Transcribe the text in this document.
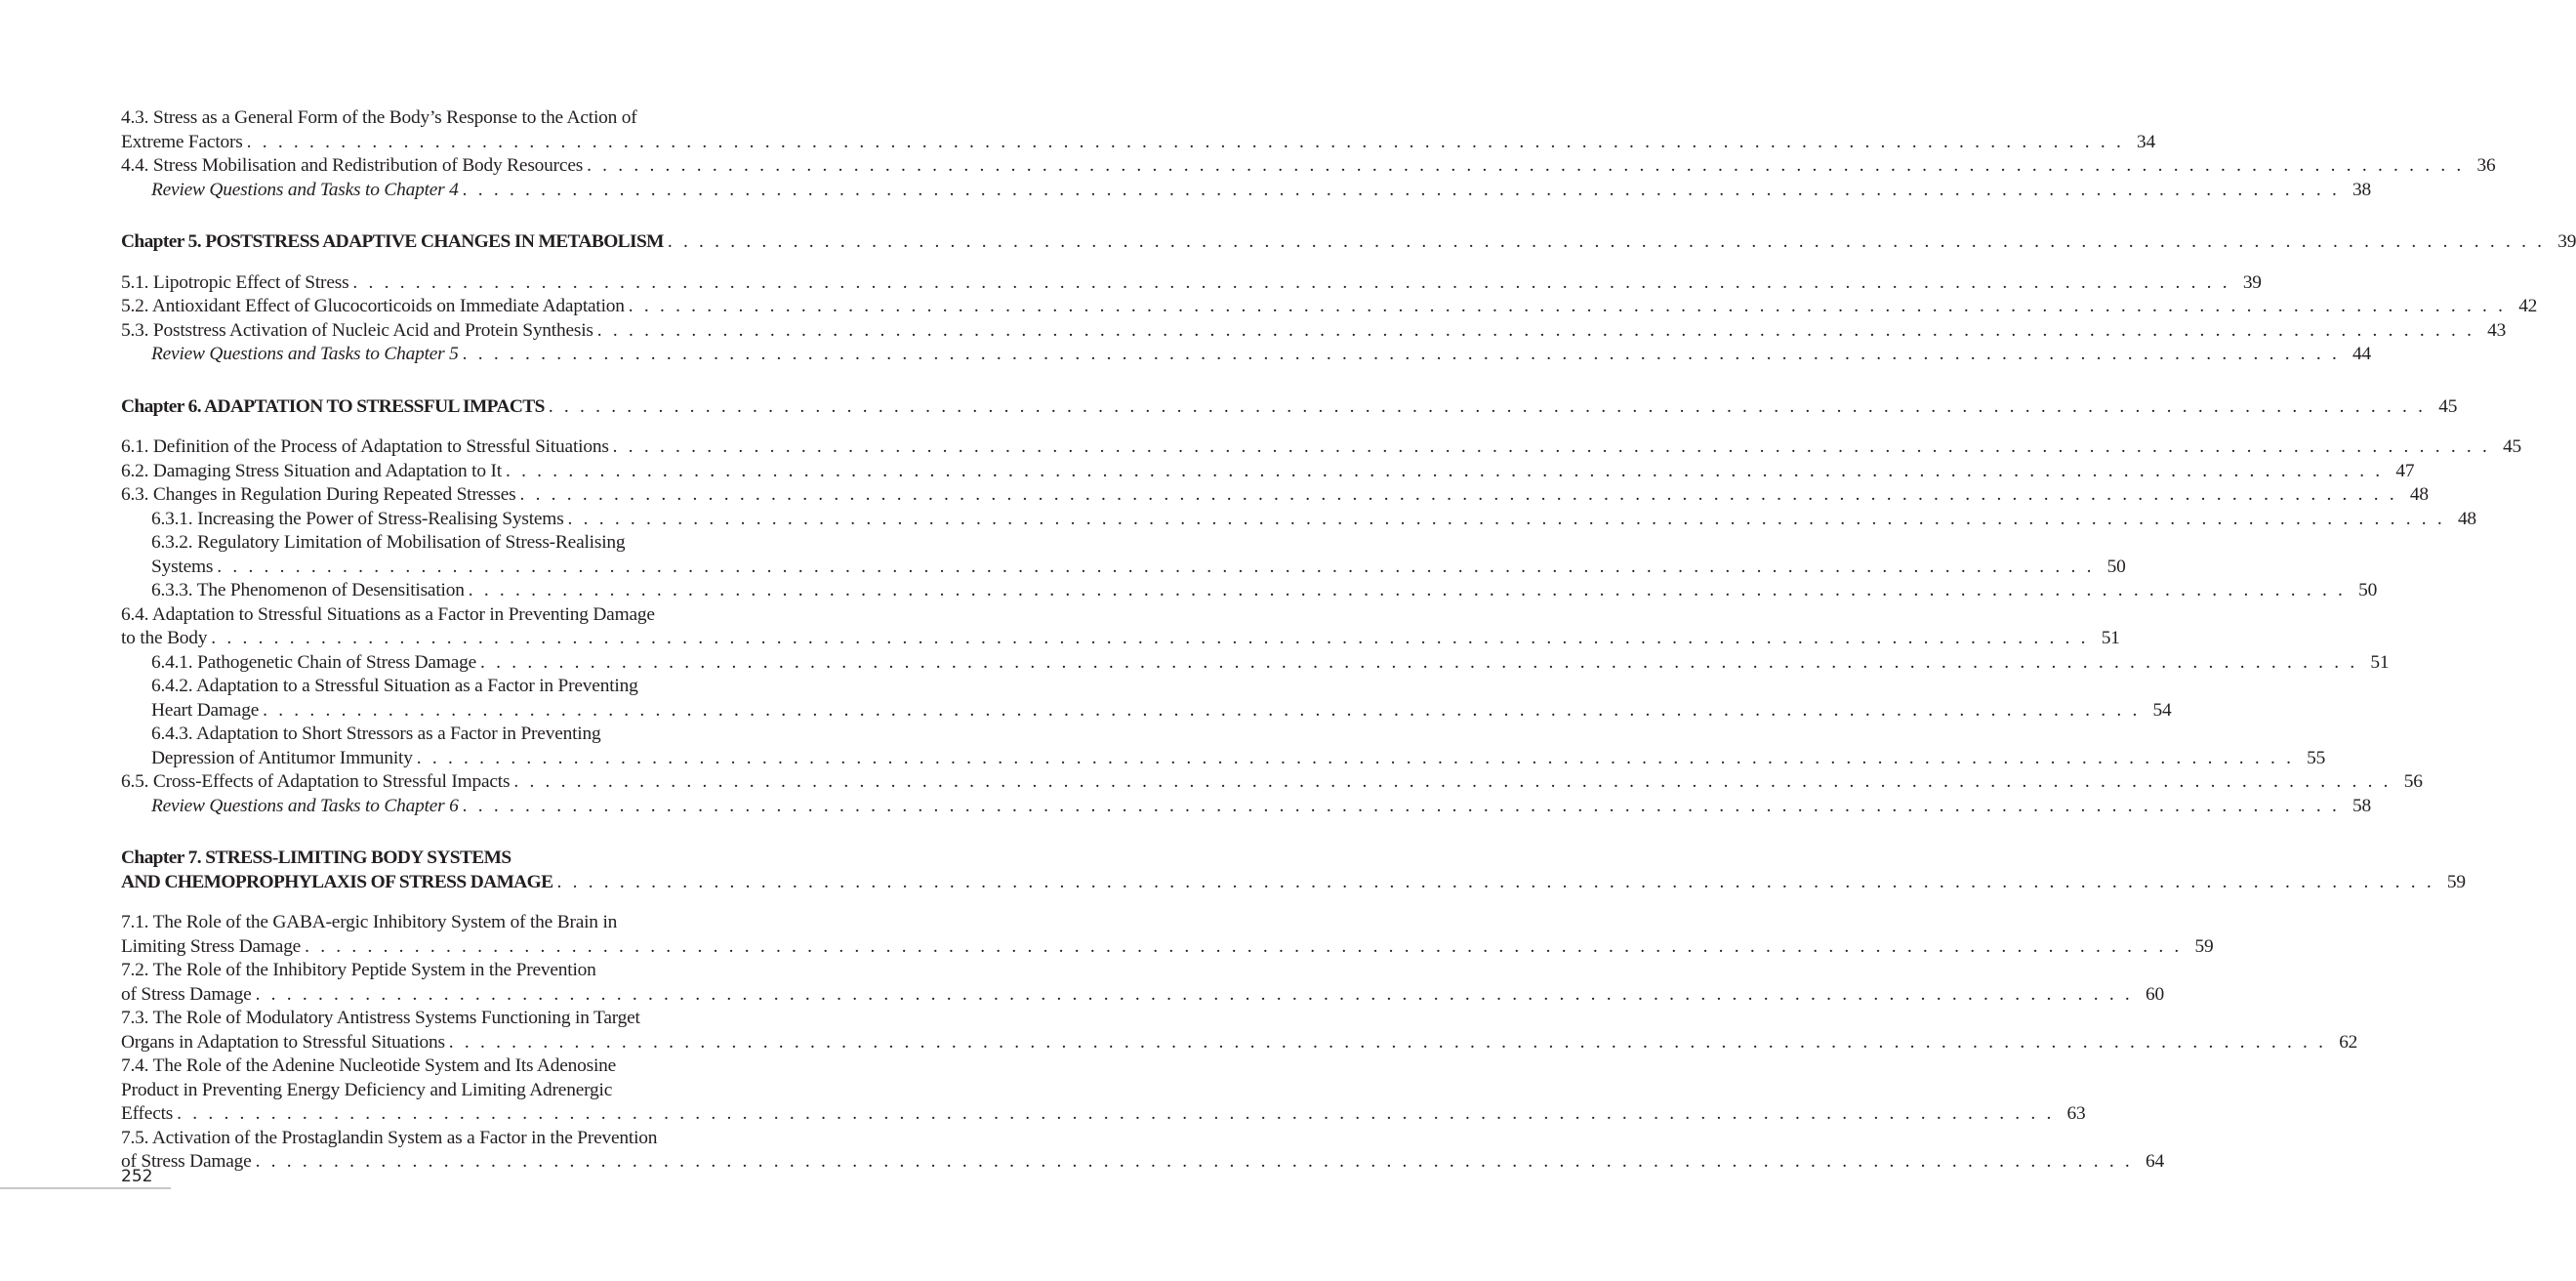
4.3. Stress as a General Form of the Body’s Response to the Action of
Extreme Factors . . . . . . . . . . . . . . . . . . . . . . . . . . . . . . . . . . . . . . . . . . . . . . . . . . . . . . . . . . . . . . . . . . . . . . . . . . . . . . . . . . . . . . . . . . . . . . . . . . . . . . . . . . . . . . . . . . . . . . . . 34
4.4. Stress Mobilisation and Redistribution of Body Resources . . . . . . . . . . . . . . . . . . . . . . . . . . . . . . . . . . . . . . . . . . . . . . . . . . . . . . . . . . . . . . . . . . . . . . . . . . . . . . . . . . . . . . . . . . . . . . . . . . . . . . . . . . . . . . . . . . . . . . . . 36
Review Questions and Tasks to Chapter 4 . . . . . . . . . . . . . . . . . . . . . . . . . . . . . . . . . . . . . . . . . . . . . . . . . . . . . . . . . . . . . . . . . . . . . . . . . . . . . . . . . . . . . . . . . . . . . . . . . . . . . . . . . . . . . . . . . . . . . . . . 38
Chapter 5. POSTSTRESS ADAPTIVE CHANGES IN METABOLISM . . . . . . . . . . . . . . . . . . . . . . . . . . . . . . . . . . . . . . . . . . . . . . . . . . . . . . . . . . . . . . . . . . . . . . . . . . . . . . . . . . . . . . . . . . . . . . . . . . . . . . . . . . . . . . . . . . . . . . . . 39
5.1. Lipotropic Effect of Stress . . . . . . . . . . . . . . . . . . . . . . . . . . . . . . . . . . . . . . . . . . . . . . . . . . . . . . . . . . . . . . . . . . . . . . . . . . . . . . . . . . . . . . . . . . . . . . . . . . . . . . . . . . . . . . . . . . . . . . . . 39
5.2. Antioxidant Effect of Glucocorticoids on Immediate Adaptation . . . . . . . . . . . . . . . . . . . . . . . . . . . . . . . . . . . . . . . . . . . . . . . . . . . . . . . . . . . . . . . . . . . . . . . . . . . . . . . . . . . . . . . . . . . . . . . . . . . . . . . . . . . . . . . . . . . . . . . . 42
5.3. Poststress Activation of Nucleic Acid and Protein Synthesis . . . . . . . . . . . . . . . . . . . . . . . . . . . . . . . . . . . . . . . . . . . . . . . . . . . . . . . . . . . . . . . . . . . . . . . . . . . . . . . . . . . . . . . . . . . . . . . . . . . . . . . . . . . . . . . . . . . . . . . . 43
Review Questions and Tasks to Chapter 5 . . . . . . . . . . . . . . . . . . . . . . . . . . . . . . . . . . . . . . . . . . . . . . . . . . . . . . . . . . . . . . . . . . . . . . . . . . . . . . . . . . . . . . . . . . . . . . . . . . . . . . . . . . . . . . . . . . . . . . . . 44
Chapter 6. ADAPTATION TO STRESSFUL IMPACTS . . . . . . . . . . . . . . . . . . . . . . . . . . . . . . . . . . . . . . . . . . . . . . . . . . . . . . . . . . . . . . . . . . . . . . . . . . . . . . . . . . . . . . . . . . . . . . . . . . . . . . . . . . . . . . . . . . . . . . . . 45
6.1. Definition of the Process of Adaptation to Stressful Situations . . . . . . . . . . . . . . . . . . . . . . . . . . . . . . . . . . . . . . . . . . . . . . . . . . . . . . . . . . . . . . . . . . . . . . . . . . . . . . . . . . . . . . . . . . . . . . . . . . . . . . . . . . . . . . . . . . . . . . . . 45
6.2. Damaging Stress Situation and Adaptation to It . . . . . . . . . . . . . . . . . . . . . . . . . . . . . . . . . . . . . . . . . . . . . . . . . . . . . . . . . . . . . . . . . . . . . . . . . . . . . . . . . . . . . . . . . . . . . . . . . . . . . . . . . . . . . . . . . . . . . . . . 47
6.3. Changes in Regulation During Repeated Stresses . . . . . . . . . . . . . . . . . . . . . . . . . . . . . . . . . . . . . . . . . . . . . . . . . . . . . . . . . . . . . . . . . . . . . . . . . . . . . . . . . . . . . . . . . . . . . . . . . . . . . . . . . . . . . . . . . . . . . . . . 48
6.3.1. Increasing the Power of Stress-Realising Systems . . . . . . . . . . . . . . . . . . . . . . . . . . . . . . . . . . . . . . . . . . . . . . . . . . . . . . . . . . . . . . . . . . . . . . . . . . . . . . . . . . . . . . . . . . . . . . . . . . . . . . . . . . . . . . . . . . . . . . . . 48
6.3.2. Regulatory Limitation of Mobilisation of Stress-Realising
Systems . . . . . . . . . . . . . . . . . . . . . . . . . . . . . . . . . . . . . . . . . . . . . . . . . . . . . . . . . . . . . . . . . . . . . . . . . . . . . . . . . . . . . . . . . . . . . . . . . . . . . . . . . . . . . . . . . . . . . . . . 50
6.3.3. The Phenomenon of Desensitisation . . . . . . . . . . . . . . . . . . . . . . . . . . . . . . . . . . . . . . . . . . . . . . . . . . . . . . . . . . . . . . . . . . . . . . . . . . . . . . . . . . . . . . . . . . . . . . . . . . . . . . . . . . . . . . . . . . . . . . . . 50
6.4. Adaptation to Stressful Situations as a Factor in Preventing Damage
to the Body . . . . . . . . . . . . . . . . . . . . . . . . . . . . . . . . . . . . . . . . . . . . . . . . . . . . . . . . . . . . . . . . . . . . . . . . . . . . . . . . . . . . . . . . . . . . . . . . . . . . . . . . . . . . . . . . . . . . . . . . 51
6.4.1. Pathogenetic Chain of Stress Damage . . . . . . . . . . . . . . . . . . . . . . . . . . . . . . . . . . . . . . . . . . . . . . . . . . . . . . . . . . . . . . . . . . . . . . . . . . . . . . . . . . . . . . . . . . . . . . . . . . . . . . . . . . . . . . . . . . . . . . . . 51
6.4.2. Adaptation to a Stressful Situation as a Factor in Preventing
Heart Damage . . . . . . . . . . . . . . . . . . . . . . . . . . . . . . . . . . . . . . . . . . . . . . . . . . . . . . . . . . . . . . . . . . . . . . . . . . . . . . . . . . . . . . . . . . . . . . . . . . . . . . . . . . . . . . . . . . . . . . . . 54
6.4.3. Adaptation to Short Stressors as a Factor in Preventing
Depression of Antitumor Immunity . . . . . . . . . . . . . . . . . . . . . . . . . . . . . . . . . . . . . . . . . . . . . . . . . . . . . . . . . . . . . . . . . . . . . . . . . . . . . . . . . . . . . . . . . . . . . . . . . . . . . . . . . . . . . . . . . . . . . . . . 55
6.5. Cross-Effects of Adaptation to Stressful Impacts . . . . . . . . . . . . . . . . . . . . . . . . . . . . . . . . . . . . . . . . . . . . . . . . . . . . . . . . . . . . . . . . . . . . . . . . . . . . . . . . . . . . . . . . . . . . . . . . . . . . . . . . . . . . . . . . . . . . . . . . 56
Review Questions and Tasks to Chapter 6 . . . . . . . . . . . . . . . . . . . . . . . . . . . . . . . . . . . . . . . . . . . . . . . . . . . . . . . . . . . . . . . . . . . . . . . . . . . . . . . . . . . . . . . . . . . . . . . . . . . . . . . . . . . . . . . . . . . . . . . . 58
Chapter 7. STRESS-LIMITING BODY SYSTEMS
AND CHEMOPROPHYLAXIS OF STRESS DAMAGE . . . . . . . . . . . . . . . . . . . . . . . . . . . . . . . . . . . . . . . . . . . . . . . . . . . . . . . . . . . . . . . . . . . . . . . . . . . . . . . . . . . . . . . . . . . . . . . . . . . . . . . . . . . . . . . . . . . . . . . . 59
7.1. The Role of the GABA-ergic Inhibitory System of the Brain in
Limiting Stress Damage . . . . . . . . . . . . . . . . . . . . . . . . . . . . . . . . . . . . . . . . . . . . . . . . . . . . . . . . . . . . . . . . . . . . . . . . . . . . . . . . . . . . . . . . . . . . . . . . . . . . . . . . . . . . . . . . . . . . . . . . 59
7.2. The Role of the Inhibitory Peptide System in the Prevention
of Stress Damage . . . . . . . . . . . . . . . . . . . . . . . . . . . . . . . . . . . . . . . . . . . . . . . . . . . . . . . . . . . . . . . . . . . . . . . . . . . . . . . . . . . . . . . . . . . . . . . . . . . . . . . . . . . . . . . . . . . . . . . . 60
7.3. The Role of Modulatory Antistress Systems Functioning in Target
Organs in Adaptation to Stressful Situations . . . . . . . . . . . . . . . . . . . . . . . . . . . . . . . . . . . . . . . . . . . . . . . . . . . . . . . . . . . . . . . . . . . . . . . . . . . . . . . . . . . . . . . . . . . . . . . . . . . . . . . . . . . . . . . . . . . . . . . . 62
7.4. The Role of the Adenine Nucleotide System and Its Adenosine
Product in Preventing Energy Deficiency and Limiting Adrenergic
Effects . . . . . . . . . . . . . . . . . . . . . . . . . . . . . . . . . . . . . . . . . . . . . . . . . . . . . . . . . . . . . . . . . . . . . . . . . . . . . . . . . . . . . . . . . . . . . . . . . . . . . . . . . . . . . . . . . . . . . . . . 63
7.5. Activation of the Prostaglandin System as a Factor in the Prevention
of Stress Damage . . . . . . . . . . . . . . . . . . . . . . . . . . . . . . . . . . . . . . . . . . . . . . . . . . . . . . . . . . . . . . . . . . . . . . . . . . . . . . . . . . . . . . . . . . . . . . . . . . . . . . . . . . . . . . . . . . . . . . . . 64
252
